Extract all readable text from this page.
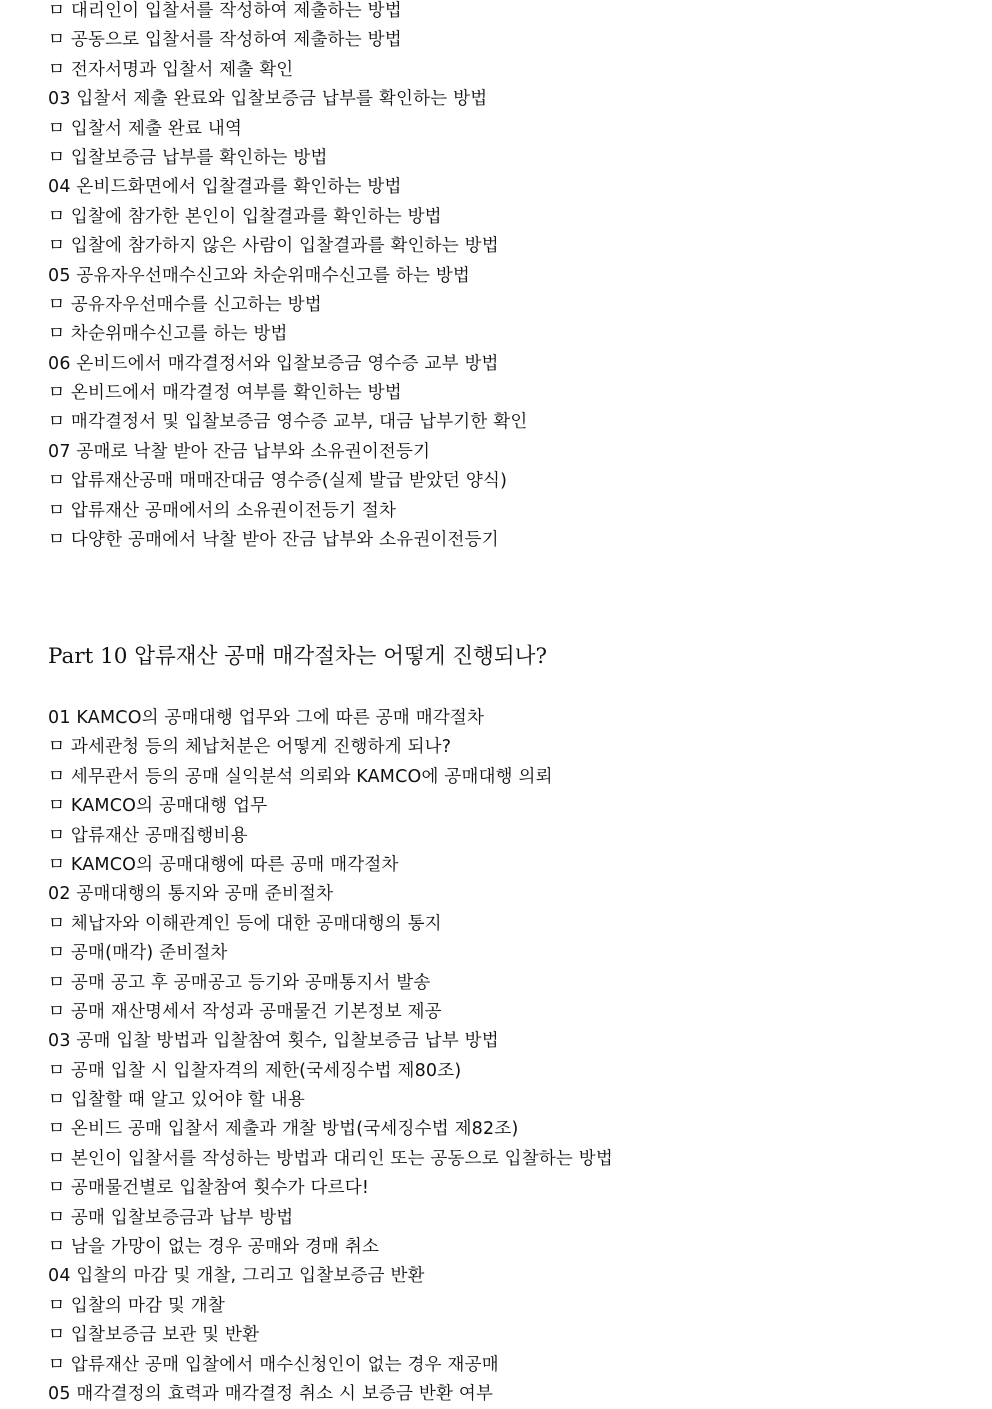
ㅁ 대리인이 입찰서를 작성하여 제출하는 방법
ㅁ 공동으로 입찰서를 작성하여 제출하는 방법
ㅁ 전자서명과 입찰서 제출 확인
03 입찰서 제출 완료와 입찰보증금 납부를 확인하는 방법
ㅁ 입찰서 제출 완료 내역
ㅁ 입찰보증금 납부를 확인하는 방법
04 온비드화면에서 입찰결과를 확인하는 방법
ㅁ 입찰에 참가한 본인이 입찰결과를 확인하는 방법
ㅁ 입찰에 참가하지 않은 사람이 입찰결과를 확인하는 방법
05 공유자우선매수신고와 차순위매수신고를 하는 방법
ㅁ 공유자우선매수를 신고하는 방법
ㅁ 차순위매수신고를 하는 방법
06 온비드에서 매각결정서와 입찰보증금 영수증 교부 방법
ㅁ 온비드에서 매각결정 여부를 확인하는 방법
ㅁ 매각결정서 및 입찰보증금 영수증 교부, 대금 납부기한 확인
07 공매로 낙찰 받아 잔금 납부와 소유권이전등기
ㅁ 압류재산공매 매매잔대금 영수증(실제 발급 받았던 양식)
ㅁ 압류재산 공매에서의 소유권이전등기 절차
ㅁ 다양한 공매에서 낙찰 받아 잔금 납부와 소유권이전등기
Part 10 압류재산 공매 매각절차는 어떻게 진행되나?
01 KAMCO의 공매대행 업무와 그에 따른 공매 매각절차
ㅁ 과세관청 등의 체납처분은 어떻게 진행하게 되나?
ㅁ 세무관서 등의 공매 실익분석 의뢰와 KAMCO에 공매대행 의뢰
ㅁ KAMCO의 공매대행 업무
ㅁ 압류재산 공매집행비용
ㅁ KAMCO의 공매대행에 따른 공매 매각절차
02 공매대행의 통지와 공매 준비절차
ㅁ 체납자와 이해관계인 등에 대한 공매대행의 통지
ㅁ 공매(매각) 준비절차
ㅁ 공매 공고 후 공매공고 등기와 공매통지서 발송
ㅁ 공매 재산명세서 작성과 공매물건 기본정보 제공
03 공매 입찰 방법과 입찰참여 횟수, 입찰보증금 납부 방법
ㅁ 공매 입찰 시 입찰자격의 제한(국세징수법 제80조)
ㅁ 입찰할 때 알고 있어야 할 내용
ㅁ 온비드 공매 입찰서 제출과 개찰 방법(국세징수법 제82조)
ㅁ 본인이 입찰서를 작성하는 방법과 대리인 또는 공동으로 입찰하는 방법
ㅁ 공매물건별로 입찰참여 횟수가 다르다!
ㅁ 공매 입찰보증금과 납부 방법
ㅁ 남을 가망이 없는 경우 공매와 경매 취소
04 입찰의 마감 및 개찰, 그리고 입찰보증금 반환
ㅁ 입찰의 마감 및 개찰
ㅁ 입찰보증금 보관 및 반환
ㅁ 압류재산 공매 입찰에서 매수신청인이 없는 경우 재공매
05 매각결정의 효력과 매각결정 취소 시 보증금 반환 여부
